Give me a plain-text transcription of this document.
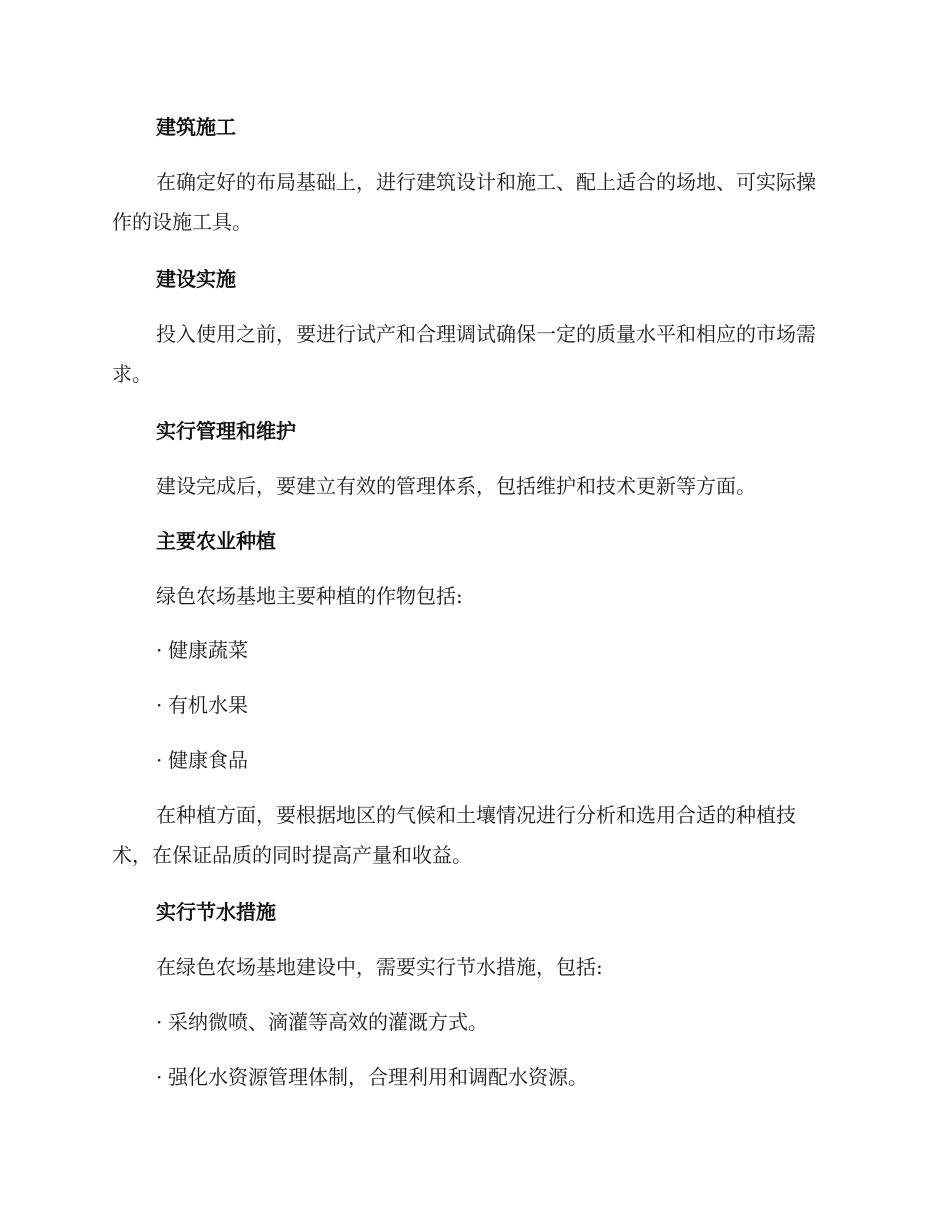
建筑施工
在确定好的布局基础上，进行建筑设计和施工、配上适合的场地、可实际操作的设施工具。
建设实施
投入使用之前，要进行试产和合理调试确保一定的质量水平和相应的市场需求。
实行管理和维护
建设完成后，要建立有效的管理体系，包括维护和技术更新等方面。
主要农业种植
绿色农场基地主要种植的作物包括:
· 健康蔬菜
· 有机水果
· 健康食品
在种植方面，要根据地区的气候和土壤情况进行分析和选用合适的种植技术，在保证品质的同时提高产量和收益。
实行节水措施
在绿色农场基地建设中，需要实行节水措施，包括:
· 采纳微喷、滴灌等高效的灌溉方式。
· 强化水资源管理体制，合理利用和调配水资源。
